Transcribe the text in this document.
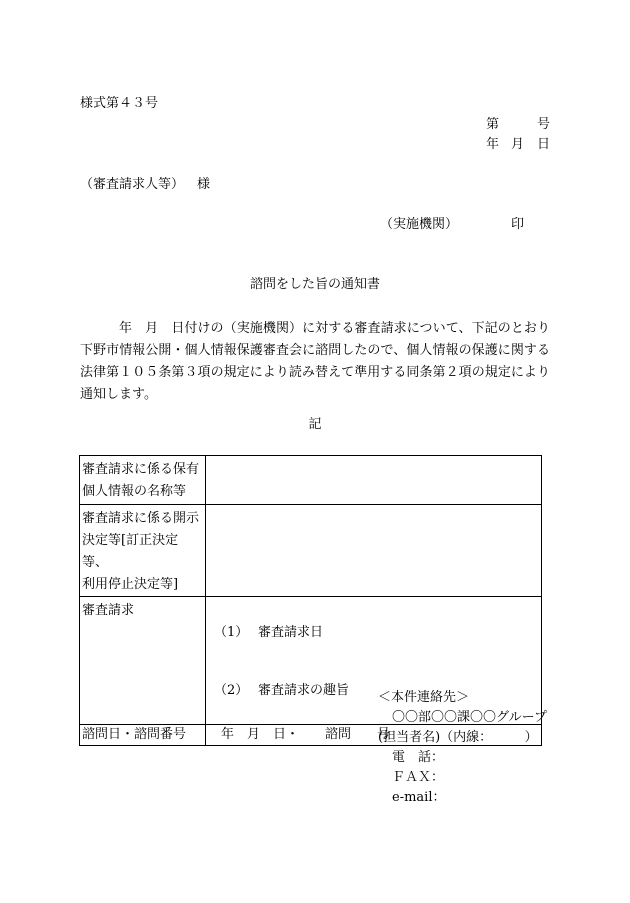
様式第４３号
第	号
年 月 日
（審査請求人等） 様
（実施機関）	印
諮問をした旨の通知書
年　月　日付けの（実施機関）に対する審査請求について、下記のとおり下野市情報公開・個人情報保護審査会に諮問したので、個人情報の保護に関する法律第１０５条第３項の規定により読み替えて準用する同条第２項の規定により通知します。
記
審査請求に係る保有
個人情報の名称等	
審査請求に係る開示
決定等[訂正決定等、
利用停止決定等]	
審査請求	（1） 審査請求日

（2） 審査請求の趣旨

諮問日・諮問番号	　年　月　日・　　諮問　　号
＜本件連絡先＞
〇〇部〇〇課〇〇グループ
(担当者名)（内線：　　　）
電　話：
ＦＡＸ：
e-mail：
